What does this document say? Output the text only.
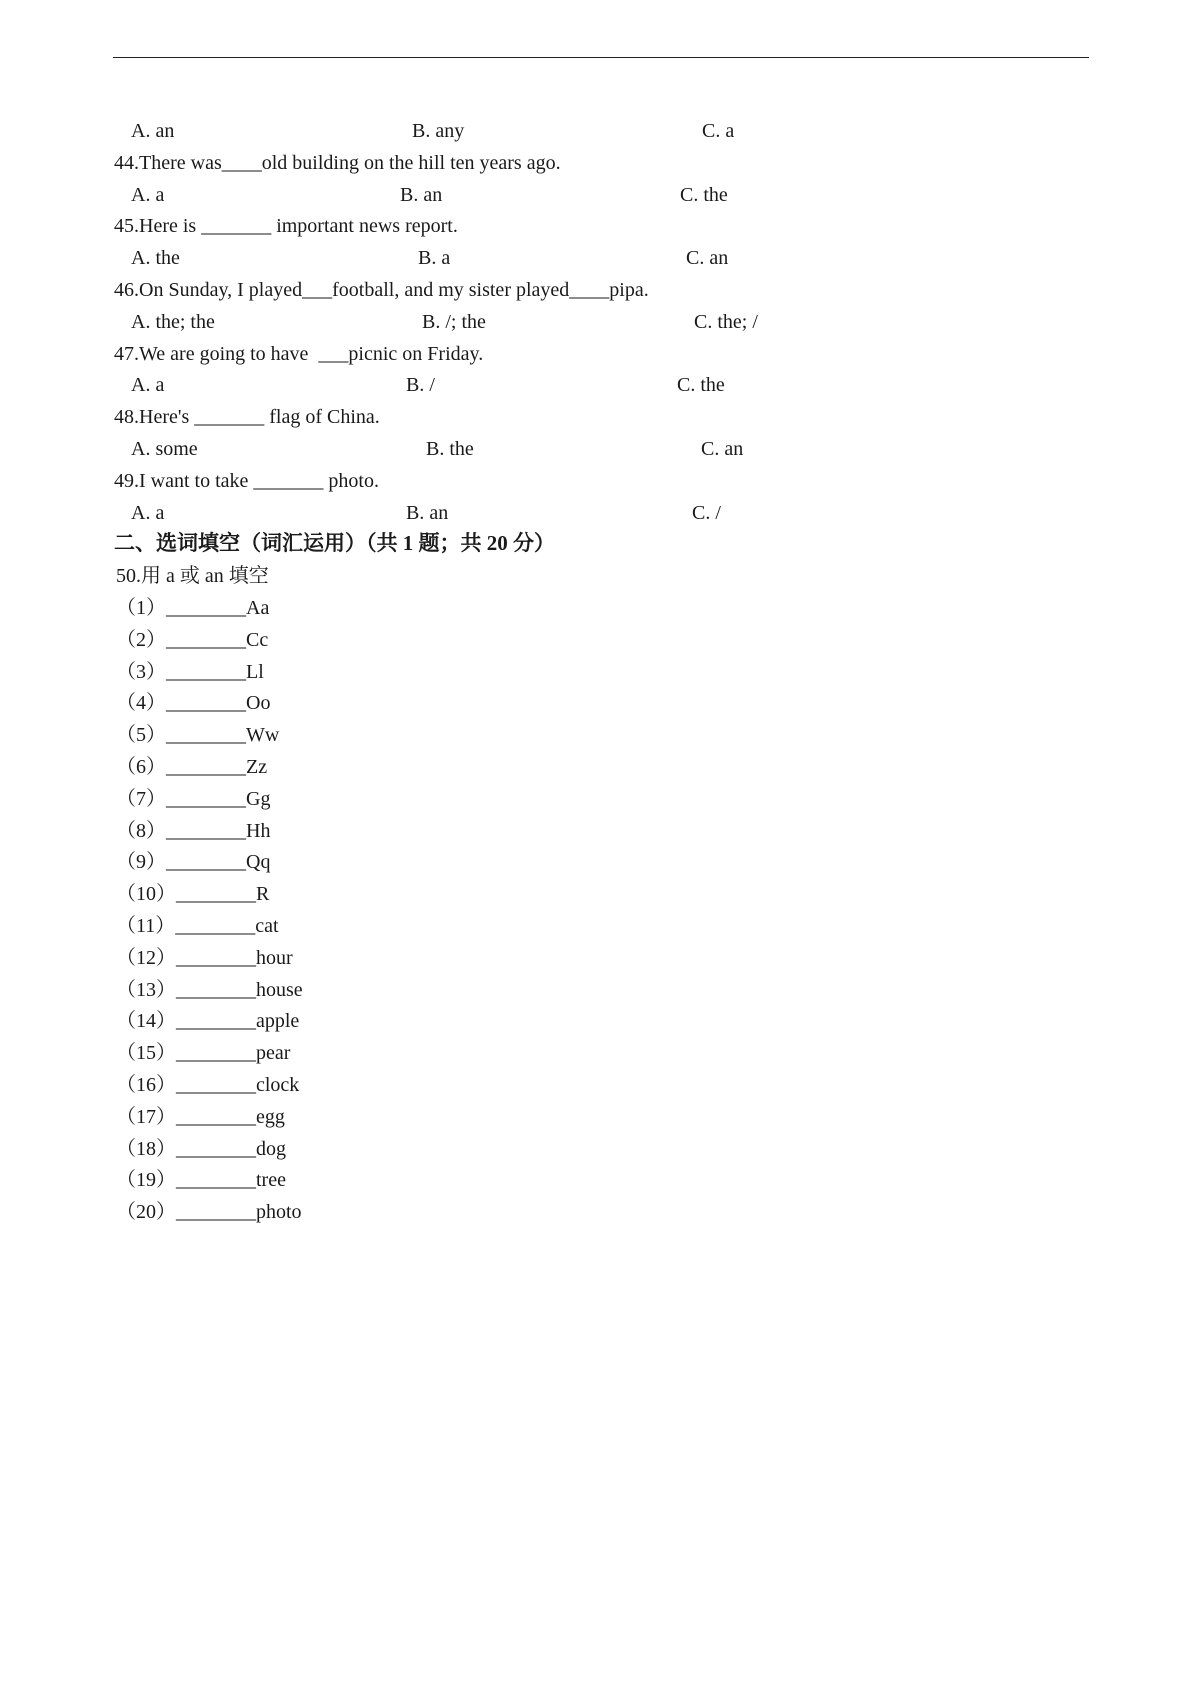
二、选词填空（词汇运用）（共 1 题；共 20 分）
50.用 a 或 an 填空
A. an	B. any	C. a
44.There was____old building on the hill ten years ago.
A. a	B. an	C. the
45.Here is _______ important news report.
A. the	B. a	C. an
46.On Sunday, I played___football, and my sister played____pipa.
A. the; the	B. /; the	C. the; /
47.We are going to have  ___picnic on Friday.
A. a	B. /	C. the
48.Here's _______ flag of China.
A. some	B. the	C. an
49.I want to take _______ photo.
A. a	B. an	C. /
（1）________Aa
（2）________Cc
（3）________Ll
（4）________Oo
（5）________Ww
（6）________Zz
（7）________Gg
（8）________Hh
（9）________Qq
（10）________R
（11）________cat
（12）________hour
（13）________house
（14）________apple
（15）________pear
（16）________clock
（17）________egg
（18）________dog
（19）________tree
（20）________photo
